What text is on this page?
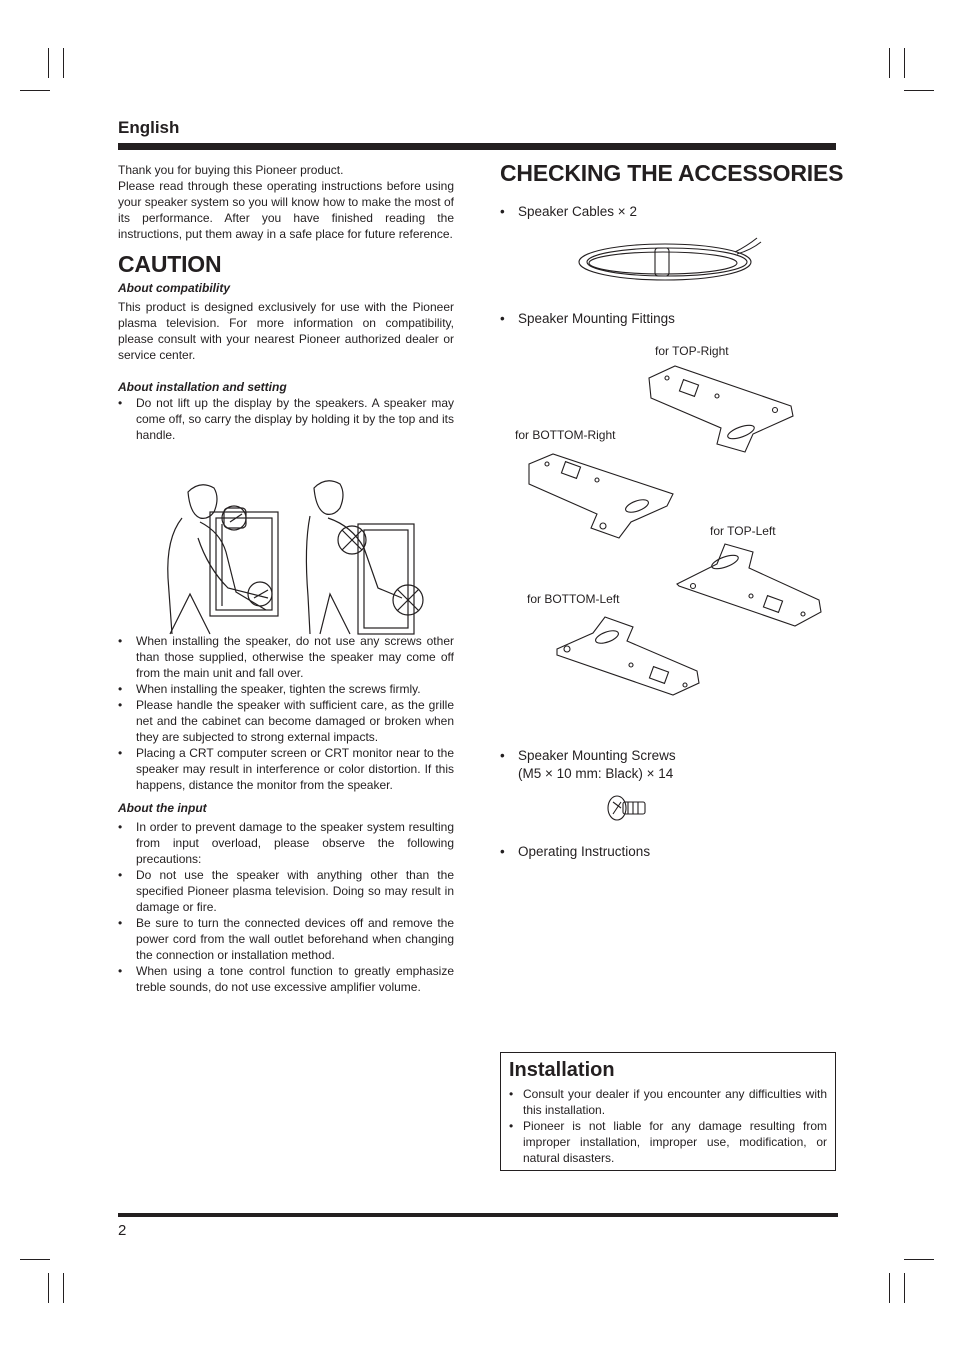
English

Thank you for buying this Pioneer product.

Please read through these operating instructions before using your speaker system so you will know how to make the most of its performance. After you have finished reading the instructions, put them away in a safe place for future reference.

CAUTION
About compatibility

This product is designed exclusively for use with the Pioneer plasma television. For more information on compatibility, please consult with your nearest Pioneer authorized dealer or service center.

About installation and setting
• Do not lift up the display by the speakers. A speaker may come off, so carry the display by holding it by the top and its handle.
• When installing the speaker, do not use any screws other than those supplied, otherwise the speaker may come off from the main unit and fall over.
• When installing the speaker, tighten the screws firmly.
• Please handle the speaker with sufficient care, as the grille net and the cabinet can become damaged or broken when they are subjected to strong external impacts.
• Placing a CRT computer screen or CRT monitor near to the speaker may result in interference or color distortion. If this happens, distance the monitor from the speaker.
About the input
• In order to prevent damage to the speaker system resulting from input overload, please observe the following precautions:
• Do not use the speaker with anything other than the specified Pioneer plasma television. Doing so may result in damage or fire.
• Be sure to turn the connected devices off and remove the power cord from the wall outlet beforehand when changing the connection or installation method.
• When using a tone control function to greatly emphasize treble sounds, do not use excessive amplifier volume.
CHECKING THE ACCESSORIES
• Speaker Cables × 2
• Speaker Mounting Fittings
for TOP-Right
for BOTTOM-Right
for TOP-Left
for BOTTOM-Left
• Speaker Mounting Screws
(M5 × 10 mm: Black) × 14
• Operating Instructions
Installation
• Consult your dealer if you encounter any difficulties with this installation.
• Pioneer is not liable for any damage resulting from improper installation, improper use, modification, or natural disasters.
2
